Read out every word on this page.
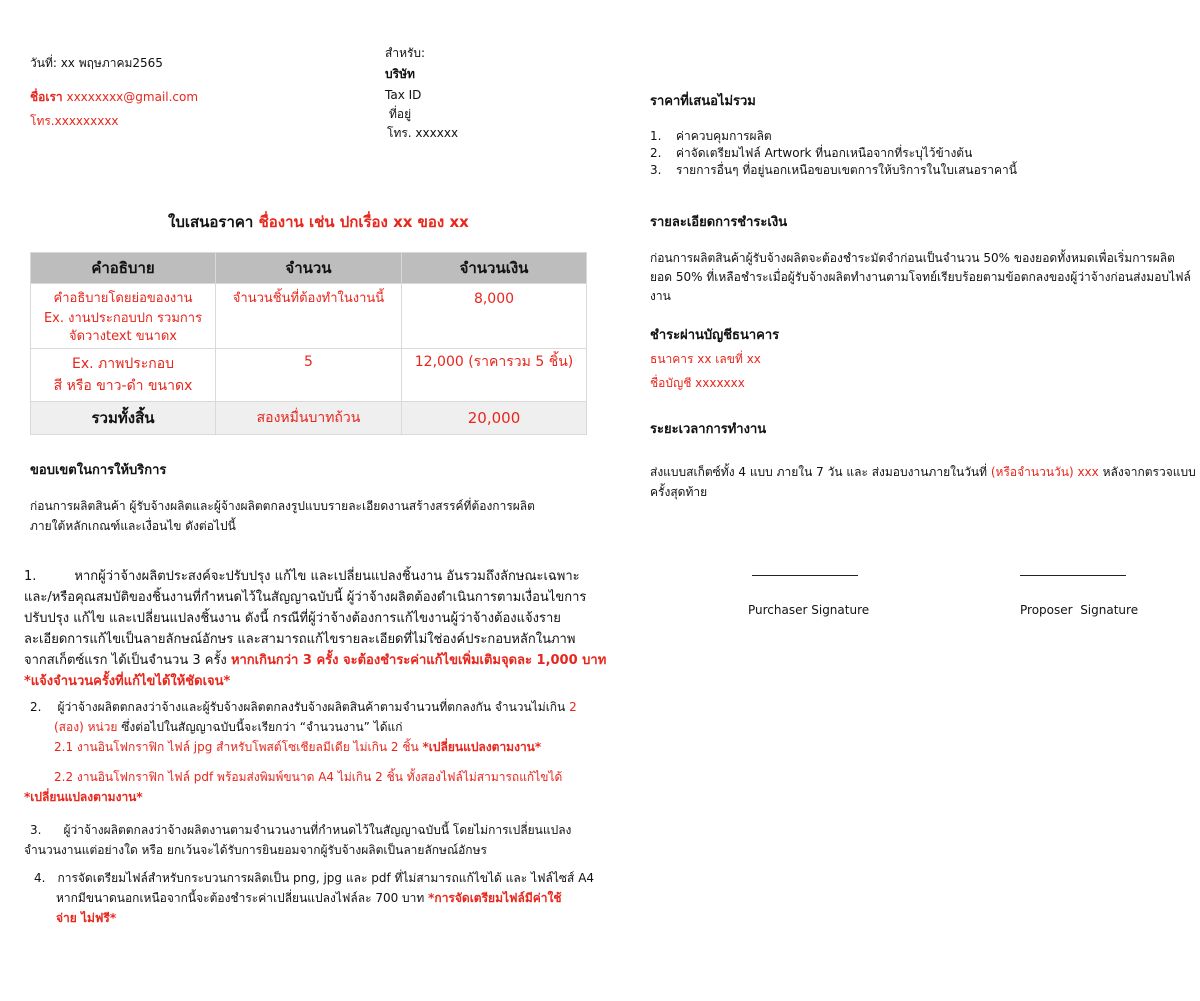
วันที่: xx พฤษภาคม2565
ชื่อเรา xxxxxxxx@gmail.com
โทร.xxxxxxxxx
สำหรับ:
บริษัท
Tax ID
ที่อยู่
โทร. xxxxxx
ใบเสนอราคา ชื่องาน เช่น ปกเรื่อง xx ของ xx
คำอธิบาย	จำนวน	จำนวนเงิน

คำอธิบายโดยย่อของงาน
Ex. งานประกอบปก รวมการจัดวางtext ขนาดx	จำนวนชิ้นที่ต้องทำในงานนี้	8,000

Ex. ภาพประกอบ
สี หรือ ขาว-ดำ ขนาดx	5	12,000 (ราคารวม 5 ชิ้น)
รวมทั้งสิ้น	สองหมื่นบาทถ้วน	20,000
ขอบเขตในการให้บริการ
ก่อนการผลิตสินค้า ผู้รับจ้างผลิตและผู้จ้างผลิตตกลงรูปแบบรายละเอียดงานสร้างสรรค์ที่ต้องการผลิต
ภายใต้หลักเกณฑ์และเงื่อนไข ดังต่อไปนี้
1.	หากผู้ว่าจ้างผลิตประสงค์จะปรับปรุง แก้ไข และเปลี่ยนแปลงชิ้นงาน อันรวมถึงลักษณะเฉพาะ
และ/หรือคุณสมบัติของชิ้นงานที่กำหนดไว้ในสัญญาฉบับนี้ ผู้ว่าจ้างผลิตต้องดำเนินการตามเงื่อนไขการ
ปรับปรุง แก้ไข และเปลี่ยนแปลงชิ้นงาน ดังนี้ กรณีที่ผู้ว่าจ้างต้องการแก้ไขงานผู้ว่าจ้างต้องแจ้งราย
ละเอียดการแก้ไขเป็นลายลักษณ์อักษร และสามารถแก้ไขรายละเอียดที่ไม่ใช่องค์ประกอบหลักในภาพ
จากสเก็ตซ์แรก ได้เป็นจำนวน 3 ครั้ง หากเกินกว่า 3 ครั้ง จะต้องชำระค่าแก้ไขเพิ่มเติมจุดละ 1,000 บาท
*แจ้งจำนวนครั้งที่แก้ไขได้ให้ชัดเจน*
2. ผู้ว่าจ้างผลิตตกลงว่าจ้างและผู้รับจ้างผลิตตกลงรับจ้างผลิตสินค้าตามจำนวนที่ตกลงกัน จำนวนไม่เกิน 2
(สอง) หน่วย ซึ่งต่อไปในสัญญาฉบับนี้จะเรียกว่า “จำนวนงาน” ได้แก่
2.1 งานอินโฟกราฟิก ไฟล์ jpg สำหรับโพสต์โซเชียลมีเดีย ไม่เกิน 2 ชิ้น *เปลี่ยนแปลงตามงาน*
2.2 งานอินโฟกราฟิก ไฟล์ pdf พร้อมส่งพิมพ์ขนาด A4 ไม่เกิน 2 ชิ้น ทั้งสองไฟล์ไม่สามารถแก้ไขได้
*เปลี่ยนแปลงตามงาน*
3. ผู้ว่าจ้างผลิตตกลงว่าจ้างผลิตงานตามจำนวนงานที่กำหนดไว้ในสัญญาฉบับนี้ โดยไม่การเปลี่ยนแปลง
จำนวนงานแต่อย่างใด หรือ ยกเว้นจะได้รับการยินยอมจากผู้รับจ้างผลิตเป็นลายลักษณ์อักษร
4. การจัดเตรียมไฟล์สำหรับกระบวนการผลิตเป็น png, jpg และ pdf ที่ไม่สามารถแก้ไขได้ และ ไฟล์ไซส์ A4
หากมีขนาดนอกเหนือจากนี้จะต้องชำระค่าเปลี่ยนแปลงไฟล์ละ 700 บาท *การจัดเตรียมไฟล์มีค่าใช้
จ่าย ไม่ฟรี*
ราคาที่เสนอไม่รวม
1. ค่าควบคุมการผลิต
2. ค่าจัดเตรียมไฟล์ Artwork ที่นอกเหนือจากที่ระบุไว้ข้างต้น
3. รายการอื่นๆ ที่อยู่นอกเหนือขอบเขตการให้บริการในใบเสนอราคานี้
รายละเอียดการชำระเงิน
ก่อนการผลิตสินค้าผู้รับจ้างผลิตจะต้องชำระมัดจำก่อนเป็นจำนวน 50% ของยอดทั้งหมดเพื่อเริ่มการผลิต
ยอด 50% ที่เหลือชำระเมื่อผู้รับจ้างผลิตทำงานตามโจทย์เรียบร้อยตามข้อตกลงของผู้ว่าจ้างก่อนส่งมอบไฟล์
งาน
ชำระผ่านบัญชีธนาคาร
ธนาคาร xx เลขที่ xx
ชื่อบัญชี xxxxxxx
ระยะเวลาการทำงาน
ส่งแบบสเก็ตซ์ทั้ง 4 แบบ ภายใน 7 วัน และ ส่งมอบงานภายในวันที่ (หรือจำนวนวัน) xxx หลังจากตรวจแบบ
ครั้งสุดท้าย
Purchaser Signature	Proposer  Signature
